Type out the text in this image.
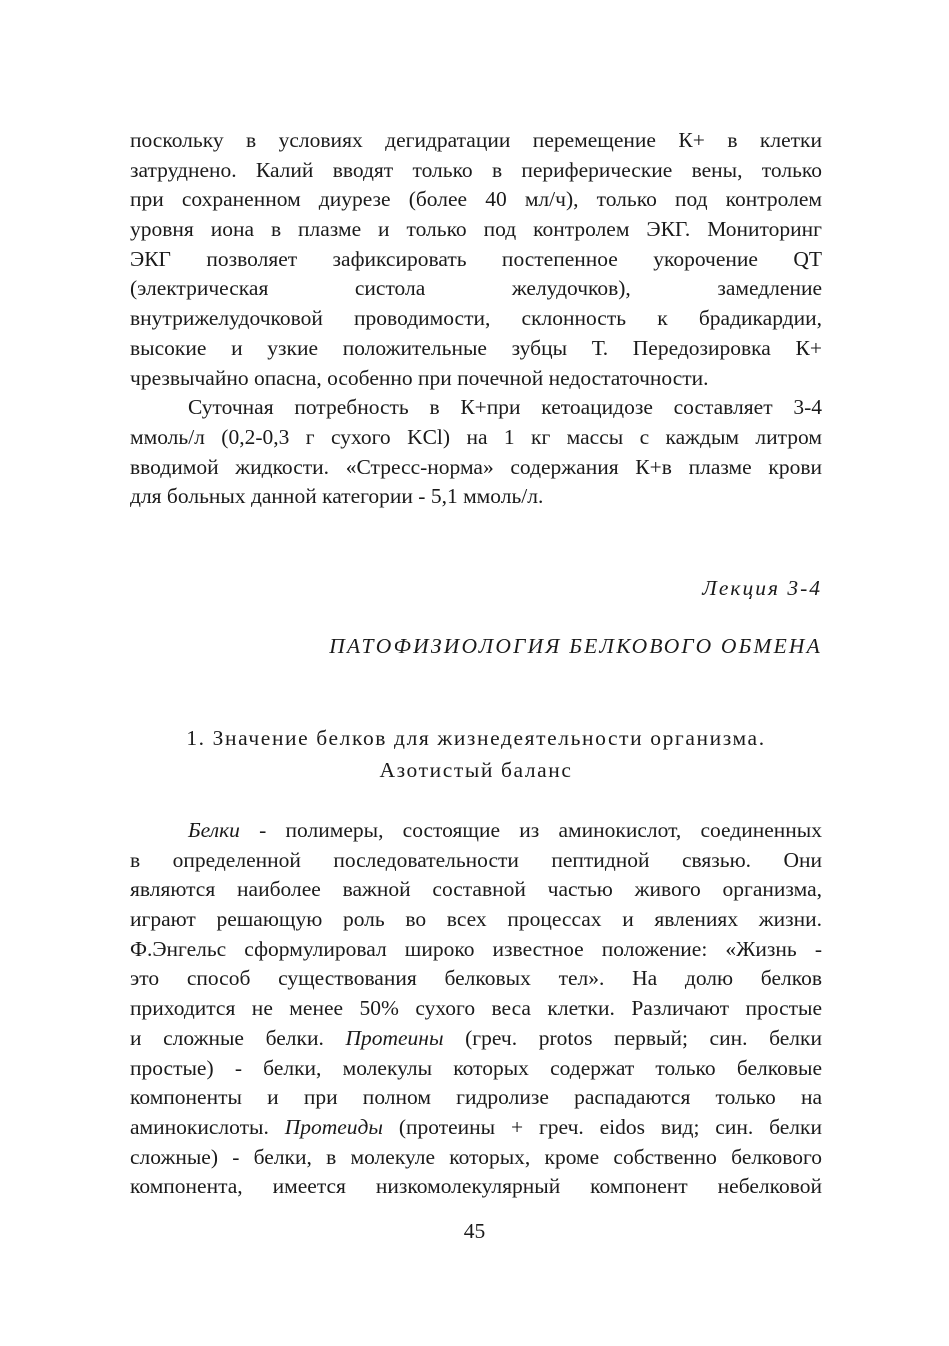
поскольку в условиях дегидратации перемещение К+ в клетки
затруднено. Калий вводят только в периферические вены, только
при сохраненном диурезе (более 40 мл/ч), только под контролем
уровня иона в плазме и только под контролем ЭКГ. Мониторинг
ЭКГ позволяет зафиксировать постепенное укорочение QT
(электрическая систола желудочков), замедление
внутрижелудочковой проводимости, склонность к брадикардии,
высокие и узкие положительные зубцы Т. Передозировка К+
чрезвычайно опасна, особенно при почечной недостаточности.
Суточная потребность в К+при кетоацидозе составляет 3-4
ммоль/л (0,2-0,3 г сухого KCl) на 1 кг массы с каждым литром
вводимой жидкости. «Стресс-норма» содержания К+в плазме крови
для больных данной категории - 5,1 ммоль/л.
Лекция 3-4
ПАТОФИЗИОЛОГИЯ БЕЛКОВОГО ОБМЕНА
1. Значение белков для жизнедеятельности организма.
Азотистый баланс
Белки - полимеры, состоящие из аминокислот, соединенных
в определенной последовательности пептидной связью. Они
являются наиболее важной составной частью живого организма,
играют решающую роль во всех процессах и явлениях жизни.
Ф.Энгельс сформулировал широко известное положение: «Жизнь -
это способ существования белковых тел». На долю белков
приходится не менее 50% сухого веса клетки. Различают простые
и сложные белки. Протеины (греч. protos первый; син. белки
простые) - белки, молекулы которых содержат только белковые
компоненты и при полном гидролизе распадаются только на
аминокислоты. Протеиды (протеины + греч. eidos вид; син. белки
сложные) - белки, в молекуле которых, кроме собственно белкового
компонента, имеется низкомолекулярный компонент небелковой
45
